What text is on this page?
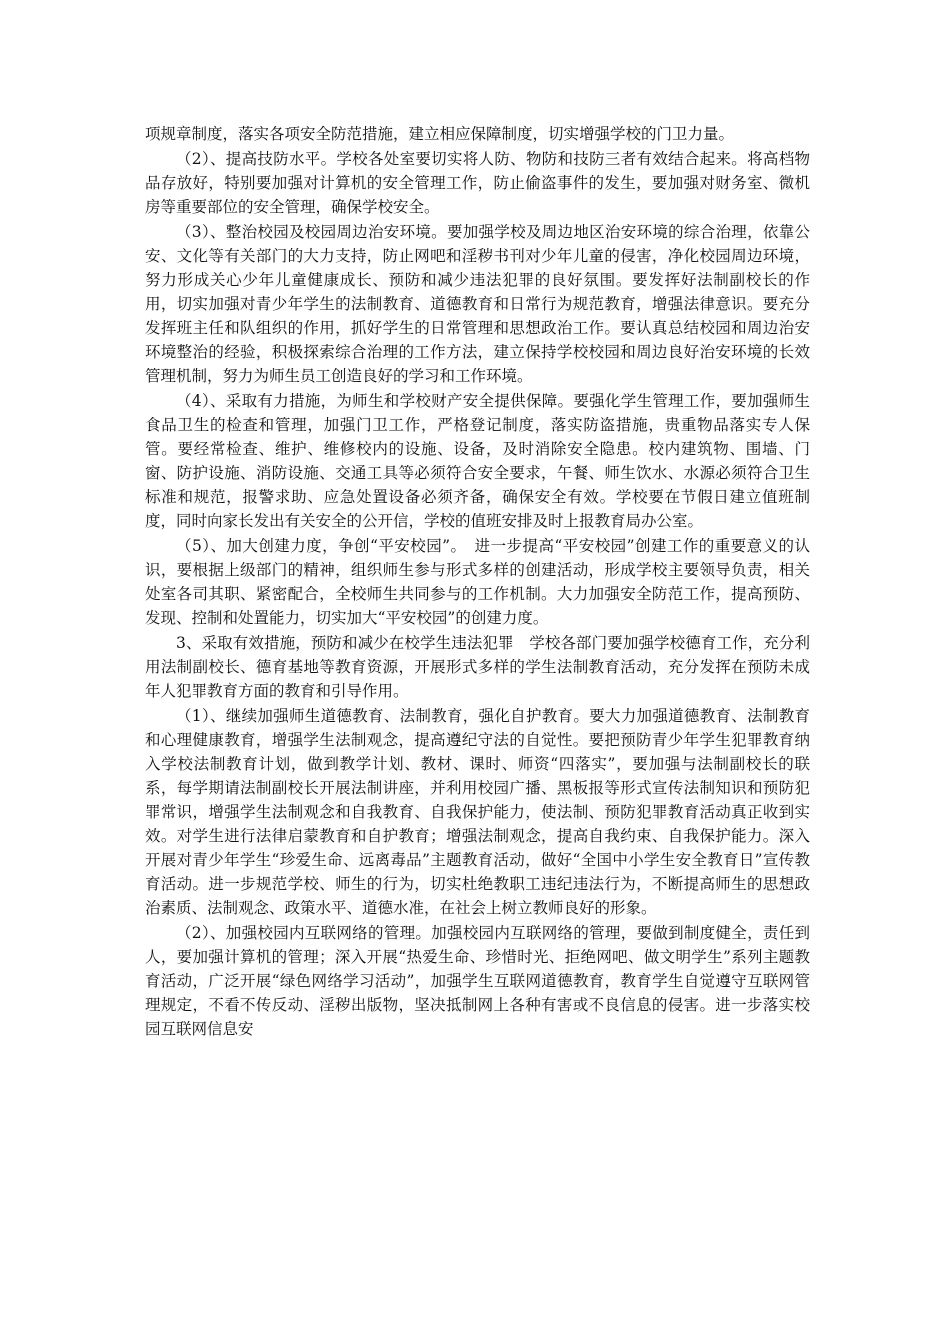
项规章制度，落实各项安全防范措施，建立相应保障制度，切实增强学校的门卫力量。

（2）、提高技防水平。学校各处室要切实将人防、物防和技防三者有效结合起来。将高档物品存放好，特别要加强对计算机的安全管理工作，防止偷盗事件的发生，要加强对财务室、微机房等重要部位的安全管理，确保学校安全。

（3）、整治校园及校园周边治安环境。要加强学校及周边地区治安环境的综合治理，依靠公安、文化等有关部门的大力支持，防止网吧和淫秽书刊对少年儿童的侵害，净化校园周边环境，努力形成关心少年儿童健康成长、预防和减少违法犯罪的良好氛围。要发挥好法制副校长的作用，切实加强对青少年学生的法制教育、道德教育和日常行为规范教育，增强法律意识。要充分发挥班主任和队组织的作用，抓好学生的日常管理和思想政治工作。要认真总结校园和周边治安环境整治的经验，积极探索综合治理的工作方法，建立保持学校校园和周边良好治安环境的长效管理机制，努力为师生员工创造良好的学习和工作环境。

（4）、采取有力措施，为师生和学校财产安全提供保障。要强化学生管理工作，要加强师生食品卫生的检查和管理，加强门卫工作，严格登记制度，落实防盗措施，贵重物品落实专人保管。要经常检查、维护、维修校内的设施、设备，及时消除安全隐患。校内建筑物、围墙、门窗、防护设施、消防设施、交通工具等必须符合安全要求，午餐、师生饮水、水源必须符合卫生标准和规范，报警求助、应急处置设备必须齐备，确保安全有效。学校要在节假日建立值班制度，同时向家长发出有关安全的公开信，学校的值班安排及时上报教育局办公室。

（5）、加大创建力度，争创“平安校园”。　进一步提高“平安校园”创建工作的重要意义的认识，要根据上级部门的精神，组织师生参与形式多样的创建活动，形成学校主要领导负责，相关处室各司其职、紧密配合，全校师生共同参与的工作机制。大力加强安全防范工作，提高预防、发现、控制和处置能力，切实加大“平安校园”的创建力度。

3、采取有效措施，预防和减少在校学生违法犯罪　学校各部门要加强学校德育工作，充分利用法制副校长、德育基地等教育资源，开展形式多样的学生法制教育活动，充分发挥在预防未成年人犯罪教育方面的教育和引导作用。

（1）、继续加强师生道德教育、法制教育，强化自护教育。要大力加强道德教育、法制教育和心理健康教育，增强学生法制观念，提高遵纪守法的自觉性。要把预防青少年学生犯罪教育纳入学校法制教育计划，做到教学计划、教材、课时、师资“四落实”，要加强与法制副校长的联系，每学期请法制副校长开展法制讲座，并利用校园广播、黑板报等形式宣传法制知识和预防犯罪常识，增强学生法制观念和自我教育、自我保护能力，使法制、预防犯罪教育活动真正收到实效。对学生进行法律启蒙教育和自护教育；增强法制观念，提高自我约束、自我保护能力。深入开展对青少年学生“珍爱生命、远离毒品”主题教育活动，做好“全国中小学生安全教育日”宣传教育活动。进一步规范学校、师生的行为，切实杜绝教职工违纪违法行为，不断提高师生的思想政治素质、法制观念、政策水平、道德水准，在社会上树立教师良好的形象。

（2）、加强校园内互联网络的管理。加强校园内互联网络的管理，要做到制度健全，责任到人，要加强计算机的管理；深入开展“热爱生命、珍惜时光、拒绝网吧、做文明学生”系列主题教育活动，广泛开展“绿色网络学习活动”，加强学生互联网道德教育，教育学生自觉遵守互联网管理规定，不看不传反动、淫秽出版物，坚决抵制网上各种有害或不良信息的侵害。进一步落实校园互联网信息安
